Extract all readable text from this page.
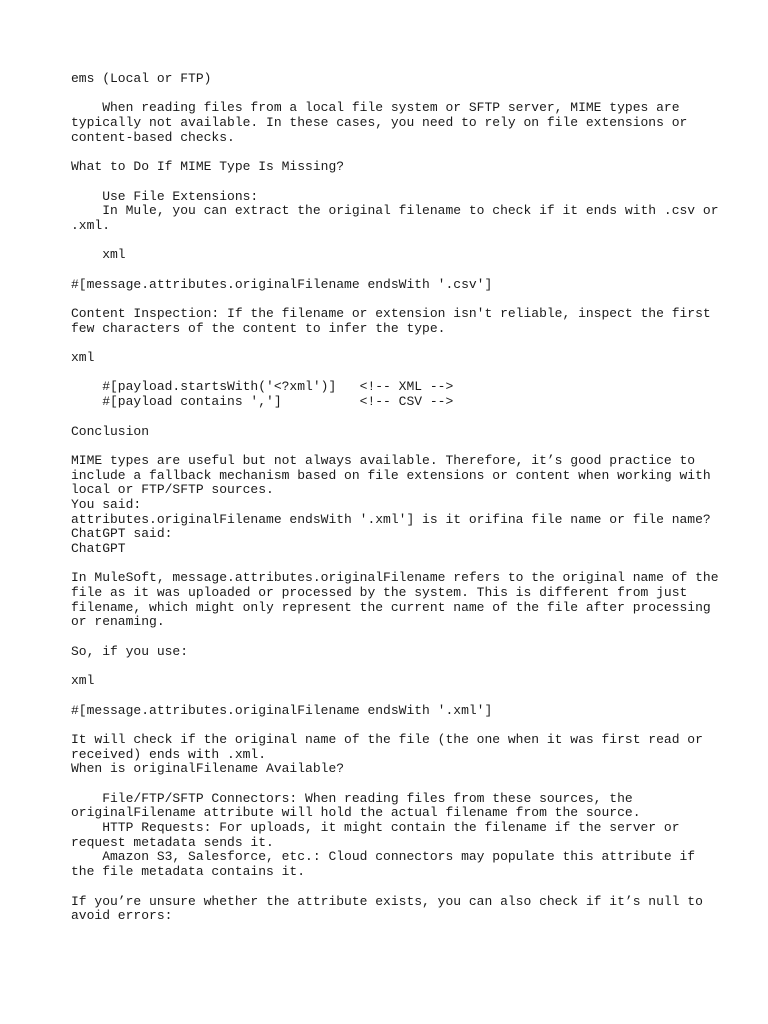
ems (Local or FTP)
When reading files from a local file system or SFTP server, MIME types are
typically not available. In these cases, you need to rely on file extensions or
content-based checks.
What to Do If MIME Type Is Missing?
Use File Extensions:
In Mule, you can extract the original filename to check if it ends with .csv or
.xml.
xml
#[message.attributes.originalFilename endsWith '.csv']
Content Inspection: If the filename or extension isn't reliable, inspect the first
few characters of the content to infer the type.
xml
#[payload.startsWith('<?xml')]   <!-- XML -->
#[payload contains ',']          <!-- CSV -->
Conclusion
MIME types are useful but not always available. Therefore, it’s good practice to
include a fallback mechanism based on file extensions or content when working with
local or FTP/SFTP sources.
You said:
attributes.originalFilename endsWith '.xml'] is it orifina file name or file name?
ChatGPT said:
ChatGPT
In MuleSoft, message.attributes.originalFilename refers to the original name of the
file as it was uploaded or processed by the system. This is different from just
filename, which might only represent the current name of the file after processing
or renaming.
So, if you use:
xml
#[message.attributes.originalFilename endsWith '.xml']
It will check if the original name of the file (the one when it was first read or
received) ends with .xml.
When is originalFilename Available?
File/FTP/SFTP Connectors: When reading files from these sources, the
originalFilename attribute will hold the actual filename from the source.
HTTP Requests: For uploads, it might contain the filename if the server or
request metadata sends it.
Amazon S3, Salesforce, etc.: Cloud connectors may populate this attribute if
the file metadata contains it.
If you’re unsure whether the attribute exists, you can also check if it’s null to
avoid errors:
